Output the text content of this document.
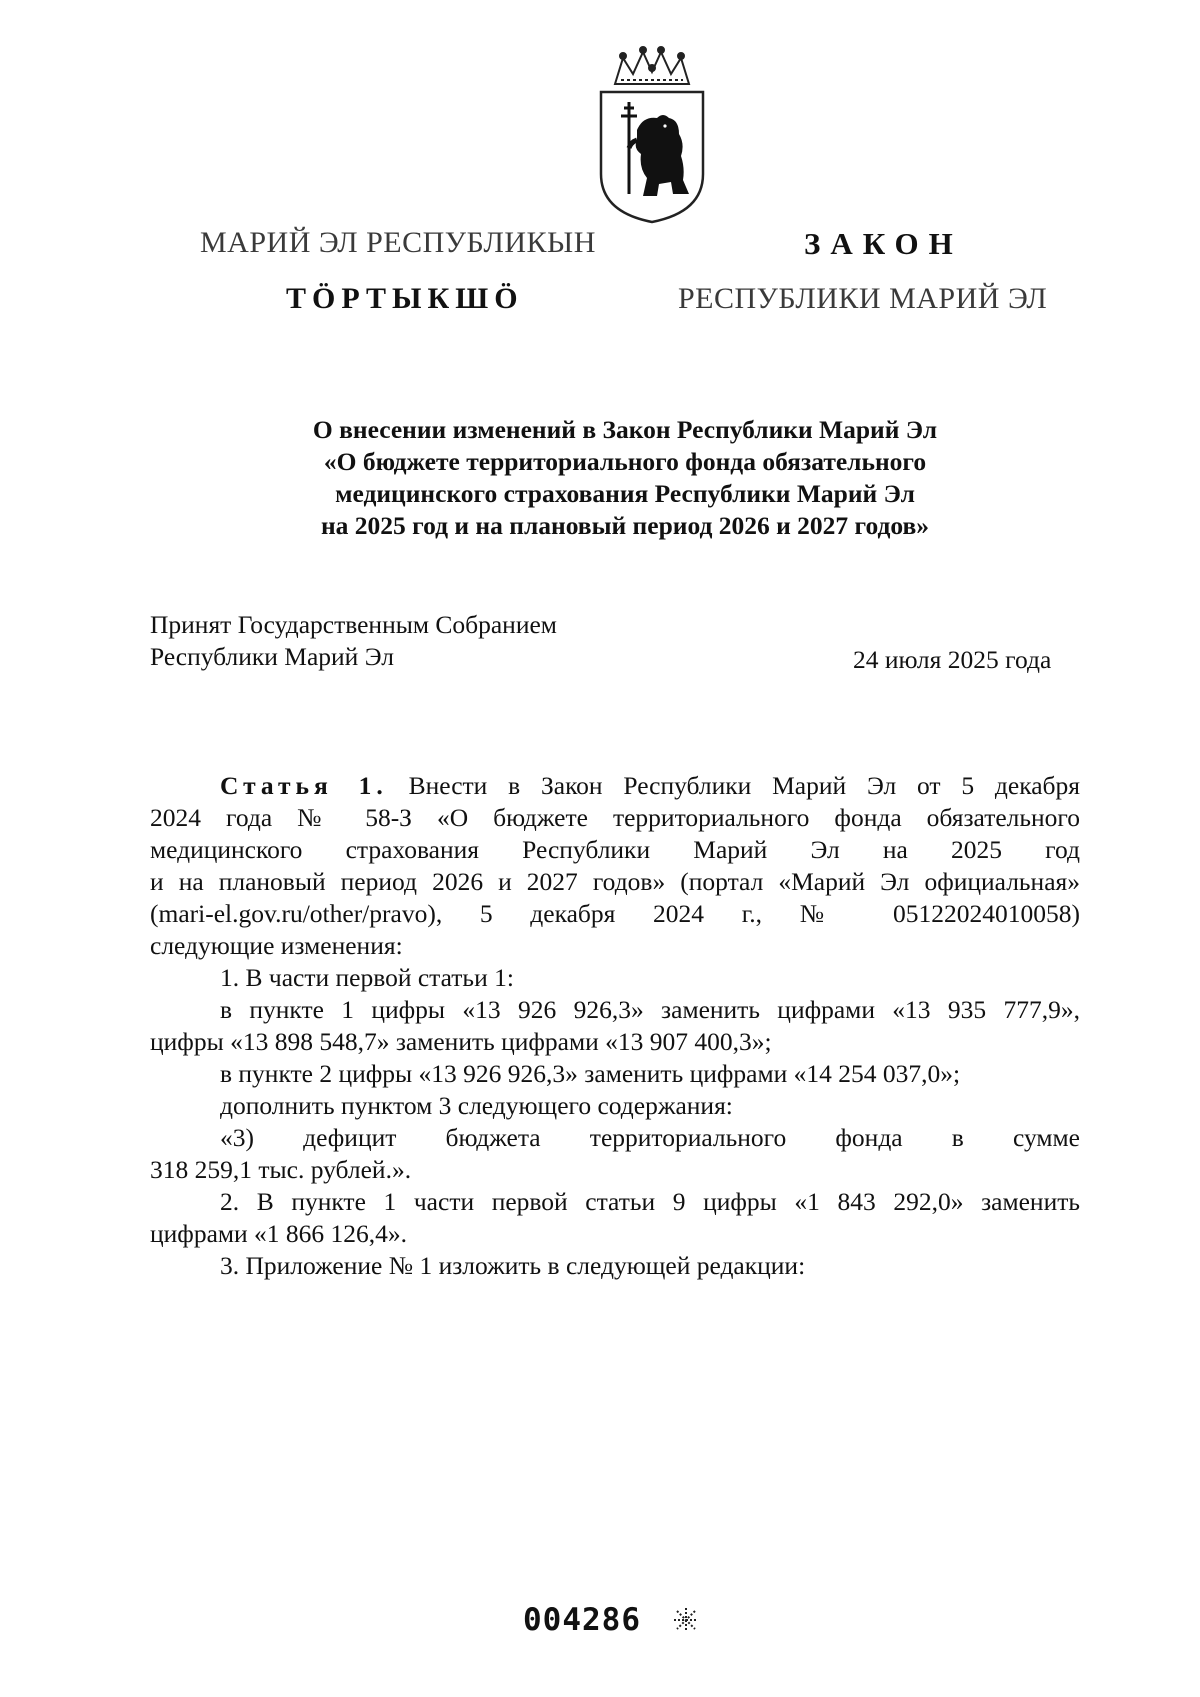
МАРИЙ ЭЛ РЕСПУБЛИКЫН
ТӦРТЫКШӦ
ЗАКОН
РЕСПУБЛИКИ МАРИЙ ЭЛ
О внесении изменений в Закон Республики Марий Эл
«О бюджете территориального фонда обязательного
медицинского страхования Республики Марий Эл
на 2025 год и на плановый период 2026 и 2027 годов»
Принят Государственным Собранием
Республики Марий Эл	24 июля 2025 года
Статья 1. Внести в Закон Республики Марий Эл от 5 декабря
2024 года № 58-З «О бюджете территориального фонда обязательного
медицинского страхования Республики Марий Эл на 2025 год
и на плановый период 2026 и 2027 годов» (портал «Марий Эл официальная»
(mari-el.gov.ru/other/pravo), 5 декабря 2024 г., № 05122024010058)
следующие изменения:
1. В части первой статьи 1:
в пункте 1 цифры «13 926 926,3» заменить цифрами «13 935 777,9»,
цифры «13 898 548,7» заменить цифрами «13 907 400,3»;
в пункте 2 цифры «13 926 926,3» заменить цифрами «14 254 037,0»;
дополнить пунктом 3 следующего содержания:
«3) дефицит бюджета территориального фонда в сумме
318 259,1 тыс. рублей.».
2. В пункте 1 части первой статьи 9 цифры «1 843 292,0» заменить
цифрами «1 866 126,4».
3. Приложение № 1 изложить в следующей редакции:
004286
